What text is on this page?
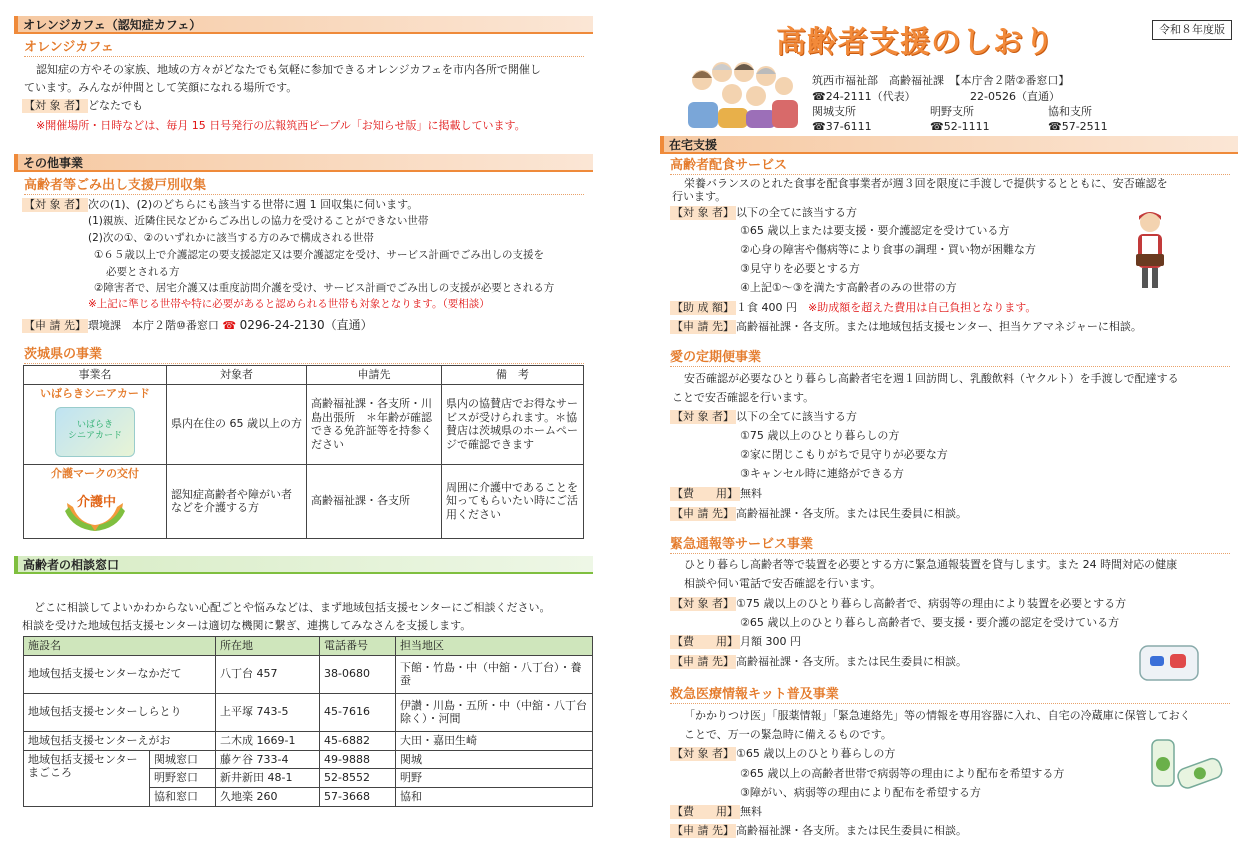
オレンジカフェ（認知症カフェ）
オレンジカフェ
認知症の方やその家族、地域の方々がどなたでも気軽に参加できるオレンジカフェを市内各所で開催し
ています。みんなが仲間として笑顔になれる場所です。
【対 象 者】 どなたでも
※開催場所・日時などは、毎月 15 日号発行の広報筑西ピープル「お知らせ版」に掲載しています。
その他事業
高齢者等ごみ出し支援戸別収集
【対 象 者】 次の(1)、(2)のどちらにも該当する世帯に週 1 回収集に伺います。
(1)親族、近隣住民などからごみ出しの協力を受けることができない世帯
(2)次の①、②のいずれかに該当する方のみで構成される世帯
①６５歳以上で介護認定の要支援認定又は要介護認定を受け、サービス計画でごみ出しの支援を
必要とされる方
②障害者で、居宅介護又は重度訪問介護を受け、サービス計画でごみ出しの支援が必要とされる方
※上記に準じる世帯や特に必要があると認められる世帯も対象となります。（要相談）
【申 請 先】 環境課　本庁２階⑩番窓口 ☎ 0296-24-2130（直通）
茨城県の事業
事業名	対象者	申請先	備　考

いばらきシニアカード
いばらき
シニアカード	県内在住の 65 歳以上の方	高齢福祉課・各支所・川島出張所　＊年齢が確認できる免許証等を持参ください	県内の協賛店でお得なサービスが受けられます。＊協賛店は茨城県のホームページで確認できます

介護マークの交付
介護中	認知症高齢者や障がい者などを介護する方	高齢福祉課・各支所	周囲に介護中であることを知ってもらいたい時にご活用ください
高齢者の相談窓口
どこに相談してよいかわからない心配ごとや悩みなどは、まず地域包括支援センターにご相談ください。
相談を受けた地域包括支援センターは適切な機関に繋ぎ、連携してみなさんを支援します。
施設名		所在地	電話番号	担当地区
地域包括支援センターなかだて		八丁台 457	38-0680	下館・竹島・中（中舘・八丁台）・養蚕
地域包括支援センターしらとり		上平塚 743-5	45-7616	伊讃・川島・五所・中（中舘・八丁台除く）・河間
地域包括支援センターえがお		二木成 1669-1	45-6882	大田・嘉田生崎
地域包括支援センター
まごころ	関城窓口	藤ケ谷 733-4	49-9888	関城
	明野窓口	新井新田 48-1	52-8552	明野
	協和窓口	久地楽 260	57-3668	協和
令和８年度版
高齢者支援のしおり
筑西市福祉部　高齢福祉課　【本庁舎２階②番窓口】
☎24-2111（代表）	22-0526（直通）
関城支所	明野支所	協和支所
☎37-6111	☎52-1111	☎57-2511
在宅支援
高齢者配食サービス
栄養バランスのとれた食事を配食事業者が週３回を限度に手渡しで提供するとともに、安否確認を
行います。
【対 象 者】 以下の全てに該当する方
①65 歳以上または要支援・要介護認定を受けている方
②心身の障害や傷病等により食事の調理・買い物が困難な方
③見守りを必要とする方
④上記①～③を満たす高齢者のみの世帯の方
【助 成 額】 １食 400 円　 ※助成額を超えた費用は自己負担となります。
【申 請 先】 高齢福祉課・各支所。または地域包括支援センター、担当ケアマネジャーに相談。
愛の定期便事業
安否確認が必要なひとり暮らし高齢者宅を週１回訪問し、乳酸飲料（ヤクルト）を手渡しで配達する
ことで安否確認を行います。
【対 象 者】 以下の全てに該当する方
①75 歳以上のひとり暮らしの方
②家に閉じこもりがちで見守りが必要な方
③キャンセル時に連絡ができる方
【費　　用】 無料
【申 請 先】 高齢福祉課・各支所。または民生委員に相談。
緊急通報等サービス事業
ひとり暮らし高齢者等で装置を必要とする方に緊急通報装置を貸与します。また 24 時間対応の健康
相談や伺い電話で安否確認を行います。
【対 象 者】 ①75 歳以上のひとり暮らし高齢者で、病弱等の理由により装置を必要とする方
②65 歳以上のひとり暮らし高齢者で、要支援・要介護の認定を受けている方
【費　　用】 月額 300 円
【申 請 先】 高齢福祉課・各支所。または民生委員に相談。
救急医療情報キット普及事業
「かかりつけ医」「服薬情報」「緊急連絡先」等の情報を専用容器に入れ、自宅の冷蔵庫に保管しておく
ことで、万一の緊急時に備えるものです。
【対 象 者】 ①65 歳以上のひとり暮らしの方
②65 歳以上の高齢者世帯で病弱等の理由により配布を希望する方
③障がい、病弱等の理由により配布を希望する方
【費　　用】 無料
【申 請 先】 高齢福祉課・各支所。または民生委員に相談。
